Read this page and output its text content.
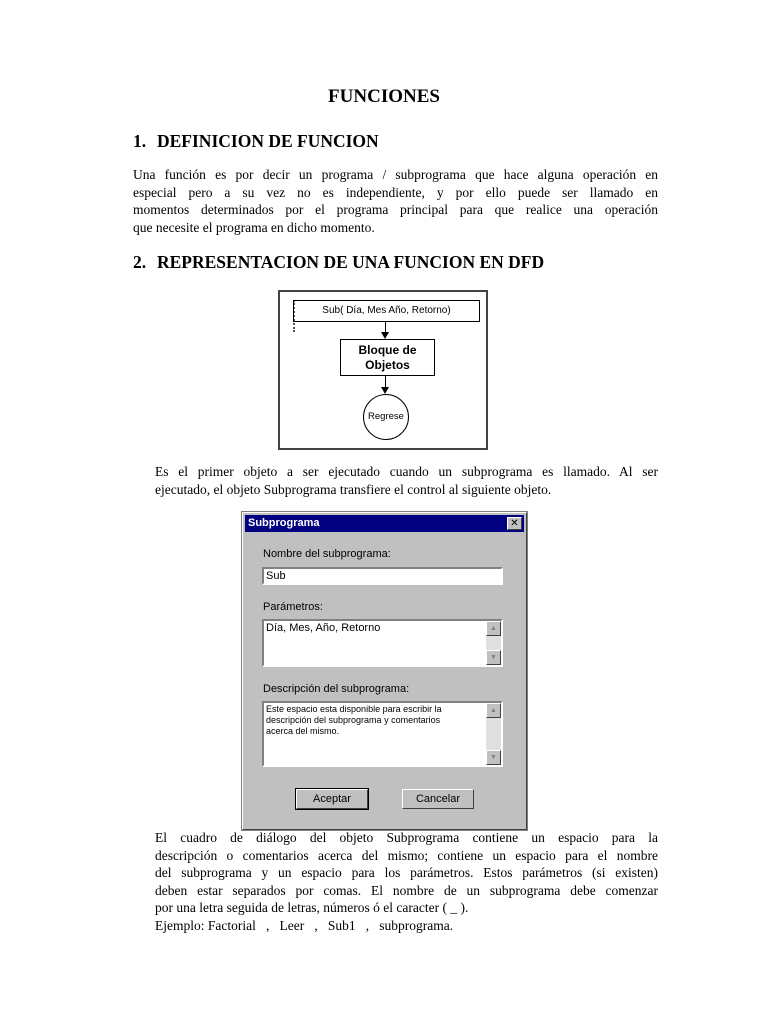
FUNCIONES
1. DEFINICION DE FUNCION
Una función es por decir un programa / subprograma que hace alguna operación en
especial pero a su vez no es independiente, y por ello puede ser llamado en
momentos determinados por el programa principal para que realice una operación
que necesite el programa en dicho momento.
2. REPRESENTACION DE UNA FUNCION EN DFD
Sub( Día, Mes Año, Retorno)
Bloque de
Objetos
Regrese
Es el primer objeto a ser ejecutado cuando un subprograma es llamado. Al ser
ejecutado, el objeto Subprograma transfiere el control al siguiente objeto.
Subprograma	✕
Nombre del subprograma:
Sub
Parámetros:
Día, Mes, Año, Retorno	▲
▼
Descripción del subprograma:
Este espacio esta disponible para escribir la
descripción del subprograma y comentarios
acerca del mismo.
▲
▼
Aceptar	Cancelar
El cuadro de diálogo del objeto Subprograma contiene un espacio para la
descripción o comentarios acerca del mismo; contiene un espacio para el nombre
del subprograma y un espacio para los parámetros. Estos parámetros (si existen)
deben estar separados por comas. El nombre de un subprograma debe comenzar
por una letra seguida de letras, números ó el caracter ( _ ).
Ejemplo: Factorial   ,   Leer   ,   Sub1   ,   subprograma.
